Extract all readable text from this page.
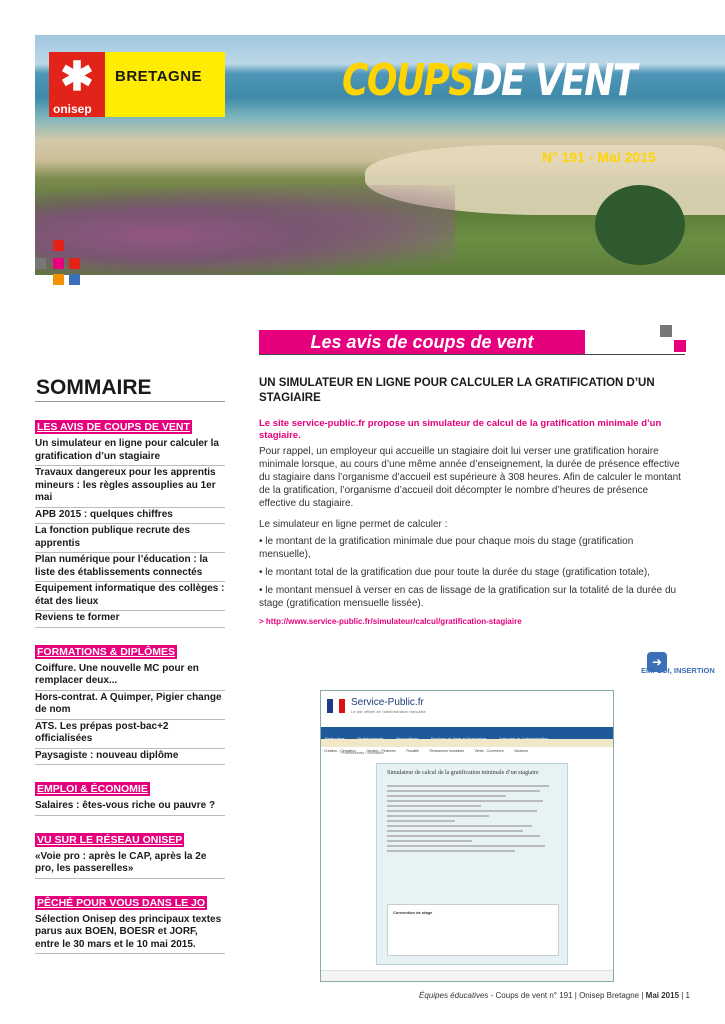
✱
onisep
BRETAGNE	COUPSDE VENT
N° 191 - Mai 2015
Les avis de coups de vent
SOMMAIRE
LES AVIS DE COUPS DE VENT
Un simulateur en ligne pour calculer la gratification d’un stagiaire
Travaux dangereux pour les apprentis mineurs : les règles assouplies au 1er mai
APB 2015 : quelques chiffres
La fonction publique recrute des apprentis
Plan numérique pour l’éducation : la liste des établissements connectés
Equipement informatique des collèges : état des lieux
Reviens te former
FORMATIONS & DIPLÔMES
Coiffure. Une nouvelle MC pour en remplacer deux...
Hors-contrat. A Quimper, Pigier change de nom
ATS. Les prépas post-bac+2 officialisées
Paysagiste : nouveau diplôme
EMPLOI & ÉCONOMIE
Salaires : êtes-vous riche ou pauvre ?
VU SUR LE RÉSEAU ONISEP
«Voie pro : après le CAP, après la 2e pro, les passerelles»
PÊCHÉ POUR VOUS DANS LE JO
Sélection Onisep des principaux textes parus aux BOEN, BOESR et JORF, entre le 30 mars et le 10 mai 2015.
UN SIMULATEUR EN LIGNE POUR CALCULER LA GRATIFICATION D’UN STAGIAIRE
Le site service-public.fr propose un simulateur de calcul de la gratification minimale d’un stagiaire.
Pour rappel, un employeur qui accueille un stagiaire doit lui verser une gratification horaire minimale lorsque, au cours d’une même année d’enseignement, la durée de présence effective du stagiaire dans l’organisme d’accueil est supérieure à 308 heures. Afin de calculer le montant de la gratification, l’organisme d’accueil doit décompter le nombre d’heures de présence effective du stagiaire.
Le simulateur en ligne permet de calculer :
• le montant de la gratification minimale due pour chaque mois du stage (gratification mensuelle),
• le montant total de la gratification due pour toute la durée du stage (gratification totale),
• le montant mensuel à verser en cas de lissage de la gratification sur la totalité de la durée du stage (gratification mensuelle lissée).
> http://www.service-public.fr/simulateur/calcul/gratification-stagiaire
➜
EMPLOI, INSERTION
Service-Public.fr
Le site officiel de l’administration française

Création - Cessation	Gestion - Finances	Fiscalité	Ressources humaines	Vente - Commerce	Secteurs
Professionnels › Simulateur
Simulateur de calcul de la gratification minimale d’un stagiaire
Convention de stage
Équipes éducatives - Coups de vent n° 191 | Onisep Bretagne | Mai 2015 | 1
